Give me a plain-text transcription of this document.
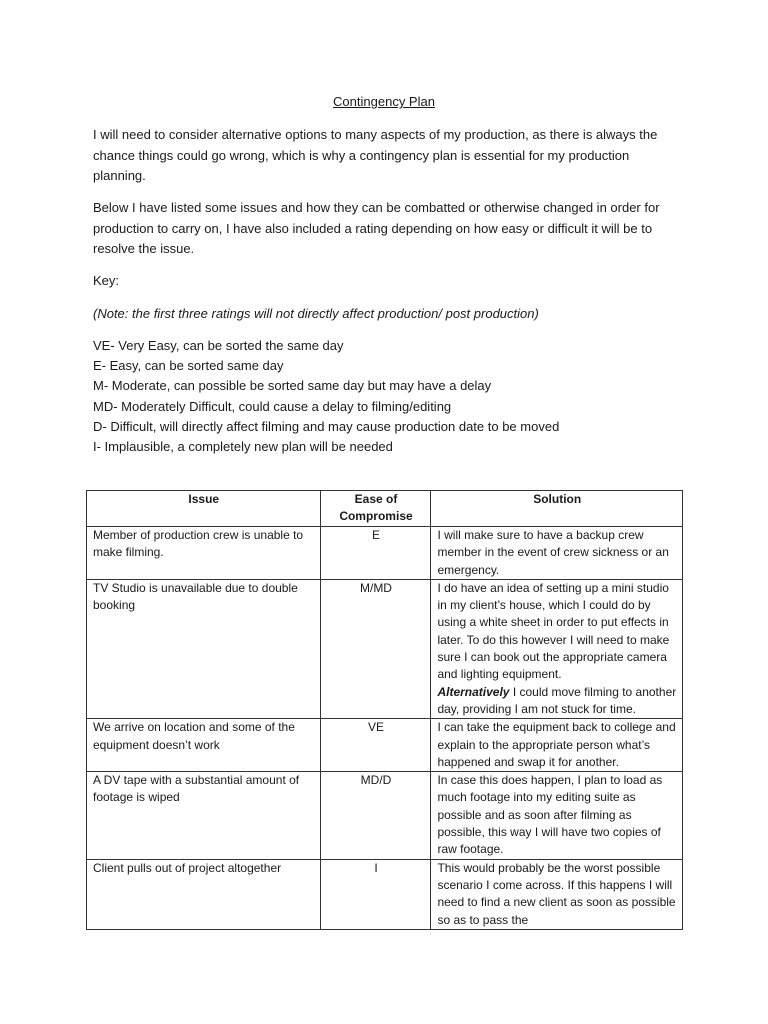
Contingency Plan

I will need to consider alternative options to many aspects of my production, as there is always the chance things could go wrong, which is why a contingency plan is essential for my production planning.

Below I have listed some issues and how they can be combatted or otherwise changed in order for production to carry on, I have also included a rating depending on how easy or difficult it will be to resolve the issue.

Key:

(Note: the first three ratings will not directly affect production/ post production)

VE- Very Easy, can be sorted the same day
E- Easy, can be sorted same day
M- Moderate, can possible be sorted same day but may have a delay
MD- Moderately Difficult, could cause a delay to filming/editing
D- Difficult, will directly affect filming and may cause production date to be moved
I- Implausible, a completely new plan will be needed
Issue	Ease of Compromise	Solution
Member of production crew is unable to make filming.	E	I will make sure to have a backup crew member in the event of crew sickness or an emergency.
TV Studio is unavailable due to double booking	M/MD	I do have an idea of setting up a mini studio in my client’s house, which I could do by using a white sheet in order to put effects in later. To do this however I will need to make sure I can book out the appropriate camera and lighting equipment.
Alternatively I could move filming to another day, providing I am not stuck for time.
We arrive on location and some of the equipment doesn’t work	VE	I can take the equipment back to college and explain to the appropriate person what’s happened and swap it for another.
A DV tape with a substantial amount of footage is wiped	MD/D	In case this does happen, I plan to load as much footage into my editing suite as possible and as soon after filming as possible, this way I will have two copies of raw footage.
Client pulls out of project altogether	I	This would probably be the worst possible scenario I come across. If this happens I will need to find a new client as soon as possible so as to pass the
